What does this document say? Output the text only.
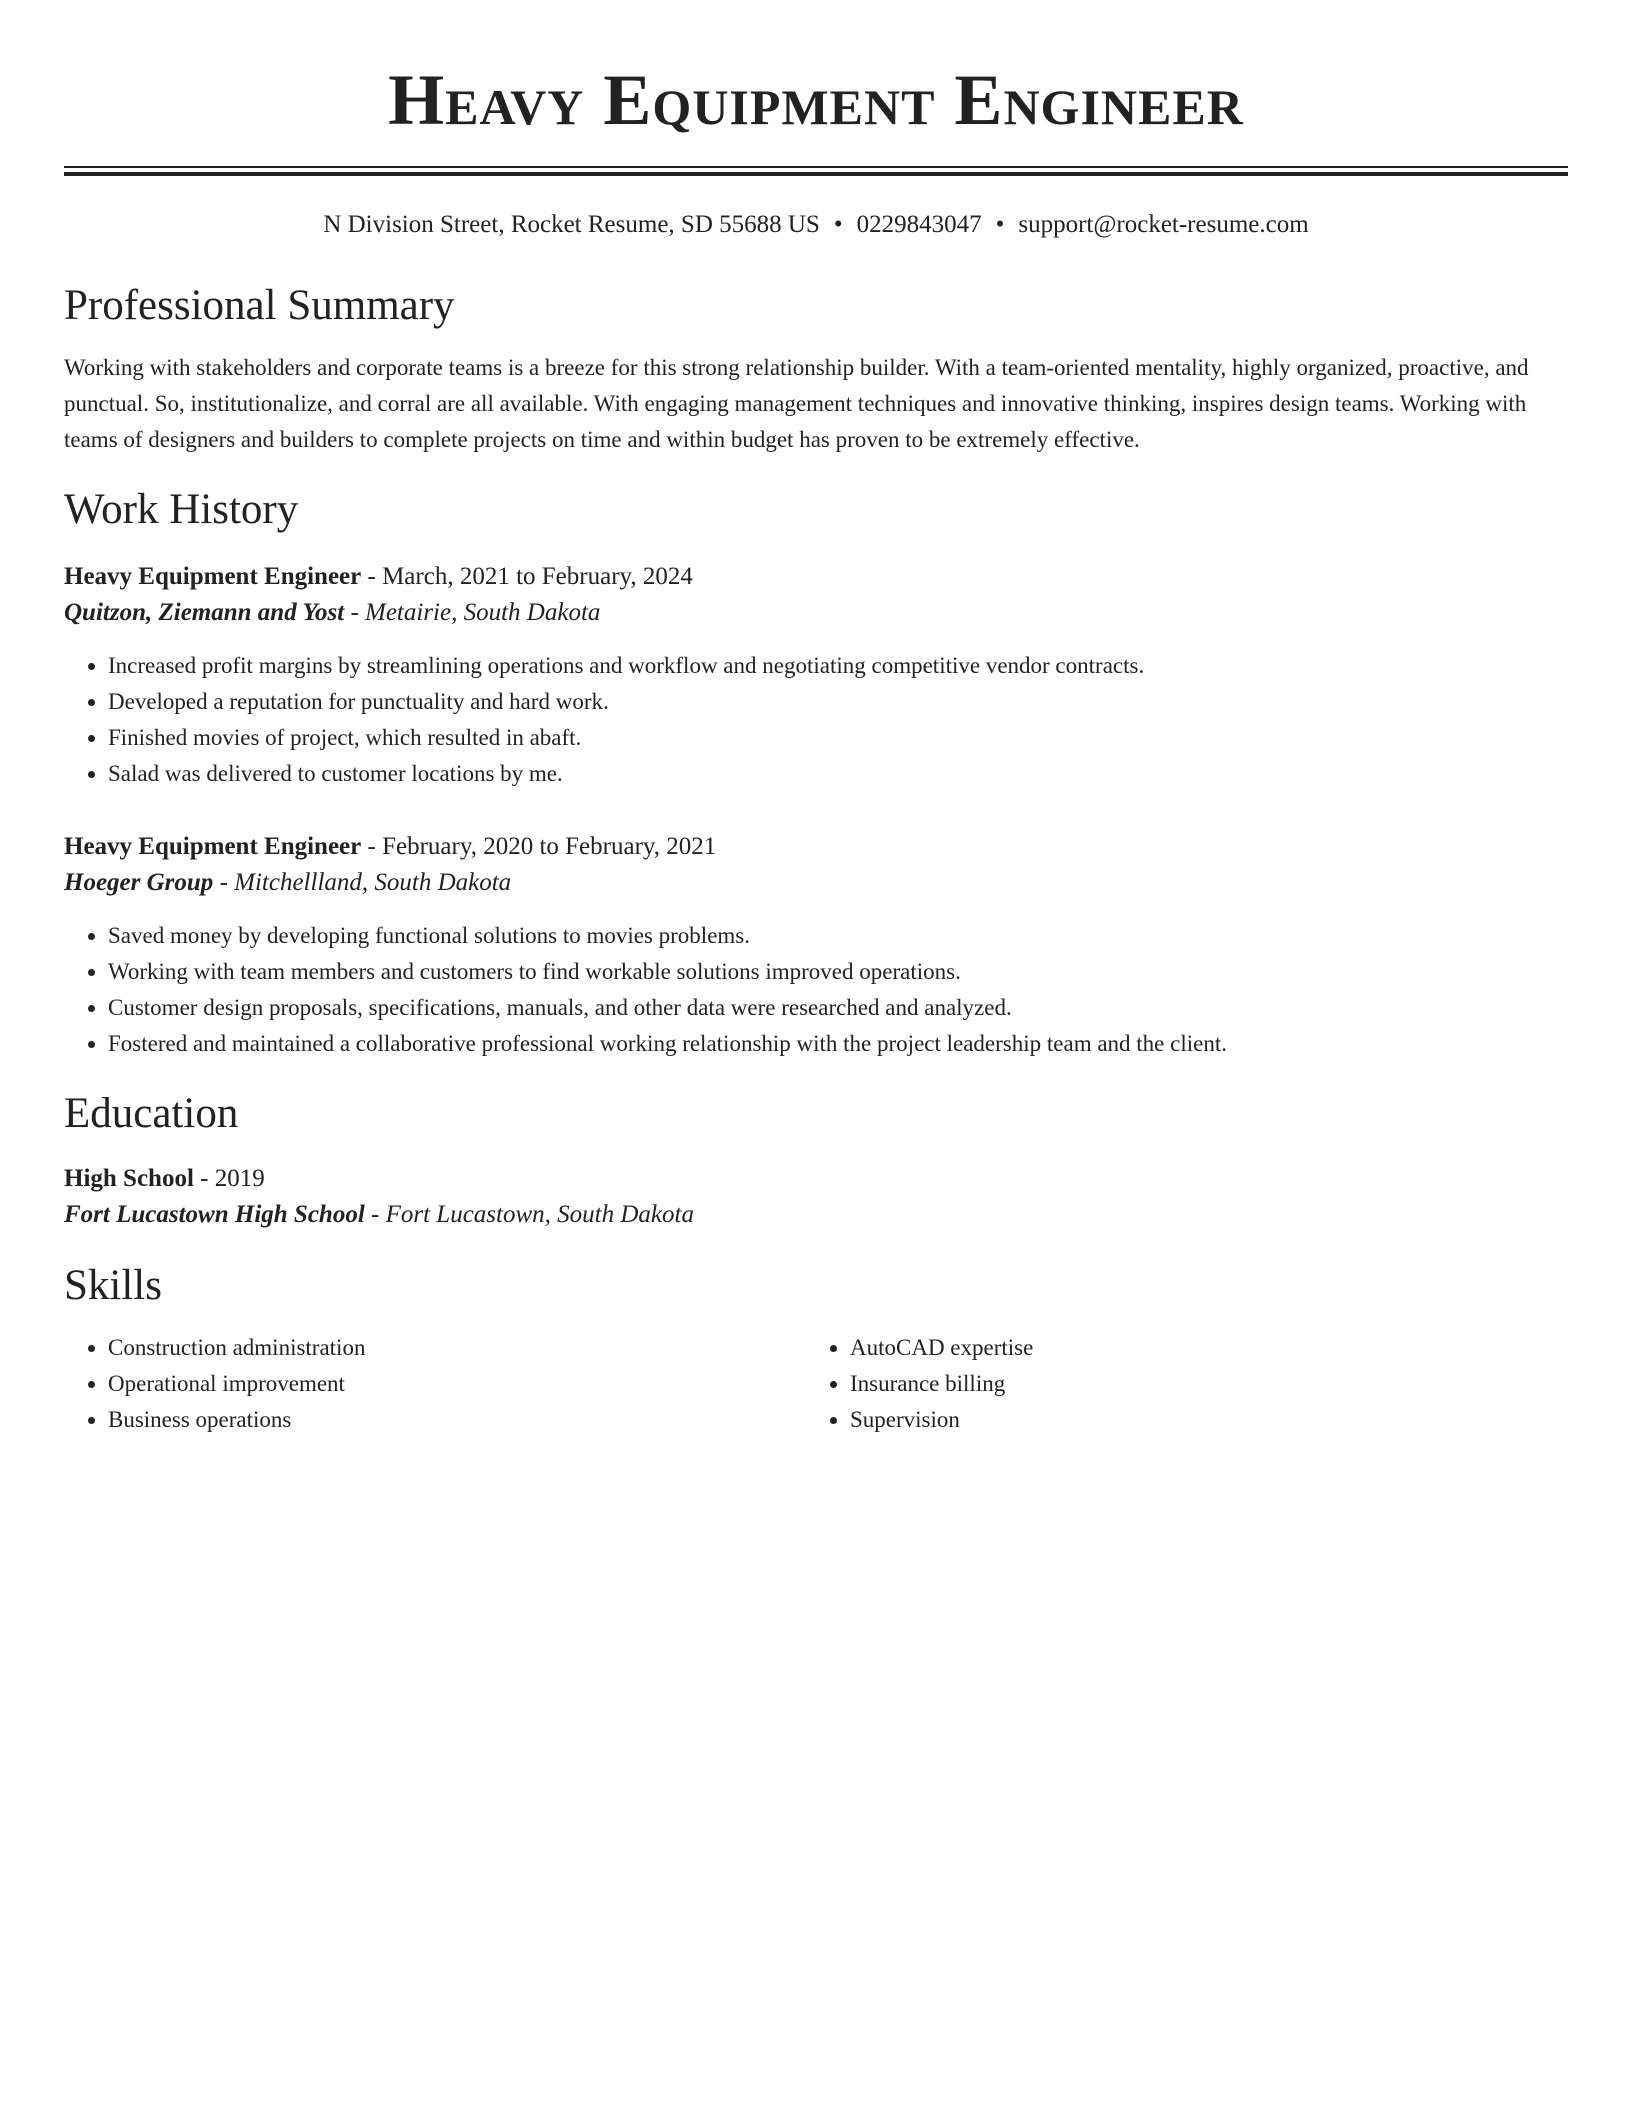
Heavy Equipment Engineer
N Division Street, Rocket Resume, SD 55688 US • 0229843047 • support@rocket-resume.com
Professional Summary

Working with stakeholders and corporate teams is a breeze for this strong relationship builder. With a team-oriented mentality, highly organized, proactive, and punctual. So, institutionalize, and corral are all available. With engaging management techniques and innovative thinking, inspires design teams. Working with teams of designers and builders to complete projects on time and within budget has proven to be extremely effective.

Work History
Heavy Equipment Engineer - March, 2021 to February, 2024
Quitzon, Ziemann and Yost - Metairie, South Dakota
• Increased profit margins by streamlining operations and workflow and negotiating competitive vendor contracts.
• Developed a reputation for punctuality and hard work.
• Finished movies of project, which resulted in abaft.
• Salad was delivered to customer locations by me.
Heavy Equipment Engineer - February, 2020 to February, 2021
Hoeger Group - Mitchellland, South Dakota
• Saved money by developing functional solutions to movies problems.
• Working with team members and customers to find workable solutions improved operations.
• Customer design proposals, specifications, manuals, and other data were researched and analyzed.
• Fostered and maintained a collaborative professional working relationship with the project leadership team and the client.
Education
High School - 2019
Fort Lucastown High School - Fort Lucastown, South Dakota
Skills
• Construction administration
• Operational improvement
• Business operations
• AutoCAD expertise
• Insurance billing
• Supervision
